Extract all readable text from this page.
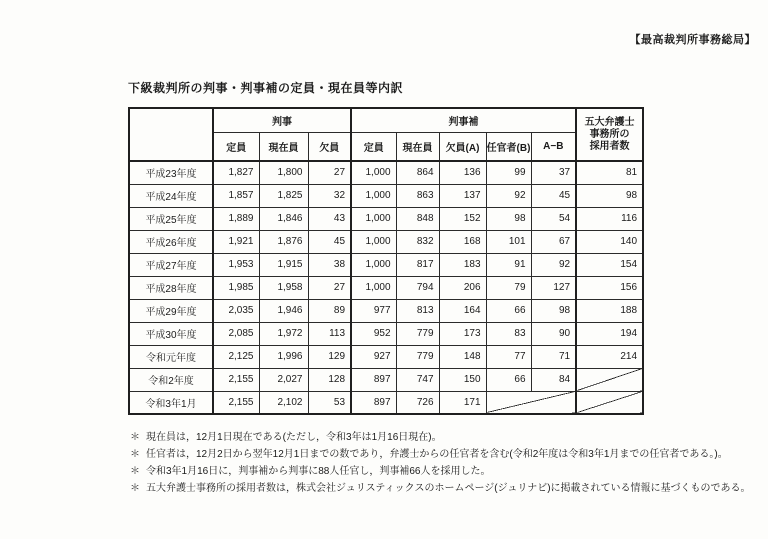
【最高裁判所事務総局】
下級裁判所の判事・判事補の定員・現在員等内訳
	判事			判事補					五大弁護士
事務所の
採用者数

	定員	現在員	欠員	定員	現在員	欠員(A)	任官者(B)	A−B	
平成23年度	1,827	1,800	27	1,000	864	136	99	37	81
平成24年度	1,857	1,825	32	1,000	863	137	92	45	98
平成25年度	1,889	1,846	43	1,000	848	152	98	54	116
平成26年度	1,921	1,876	45	1,000	832	168	101	67	140
平成27年度	1,953	1,915	38	1,000	817	183	91	92	154
平成28年度	1,985	1,958	27	1,000	794	206	79	127	156
平成29年度	2,035	1,946	89	977	813	164	66	98	188
平成30年度	2,085	1,972	113	952	779	173	83	90	194
令和元年度	2,125	1,996	129	927	779	148	77	71	214
令和2年度	2,155	2,027	128	897	747	150	66	84	
令和3年1月	2,155	2,102	53	897	726	171			
＊ 現在員は，12月1日現在である(ただし，令和3年は1月16日現在)。
＊ 任官者は，12月2日から翌年12月1日までの数であり，弁護士からの任官者を含む(令和2年度は令和3年1月までの任官者である。)。
＊ 令和3年1月16日に，判事補から判事に88人任官し，判事補66人を採用した。
＊ 五大弁護士事務所の採用者数は，株式会社ジュリスティックスのホームページ(ジュリナビ)に掲載されている情報に基づくものである。
